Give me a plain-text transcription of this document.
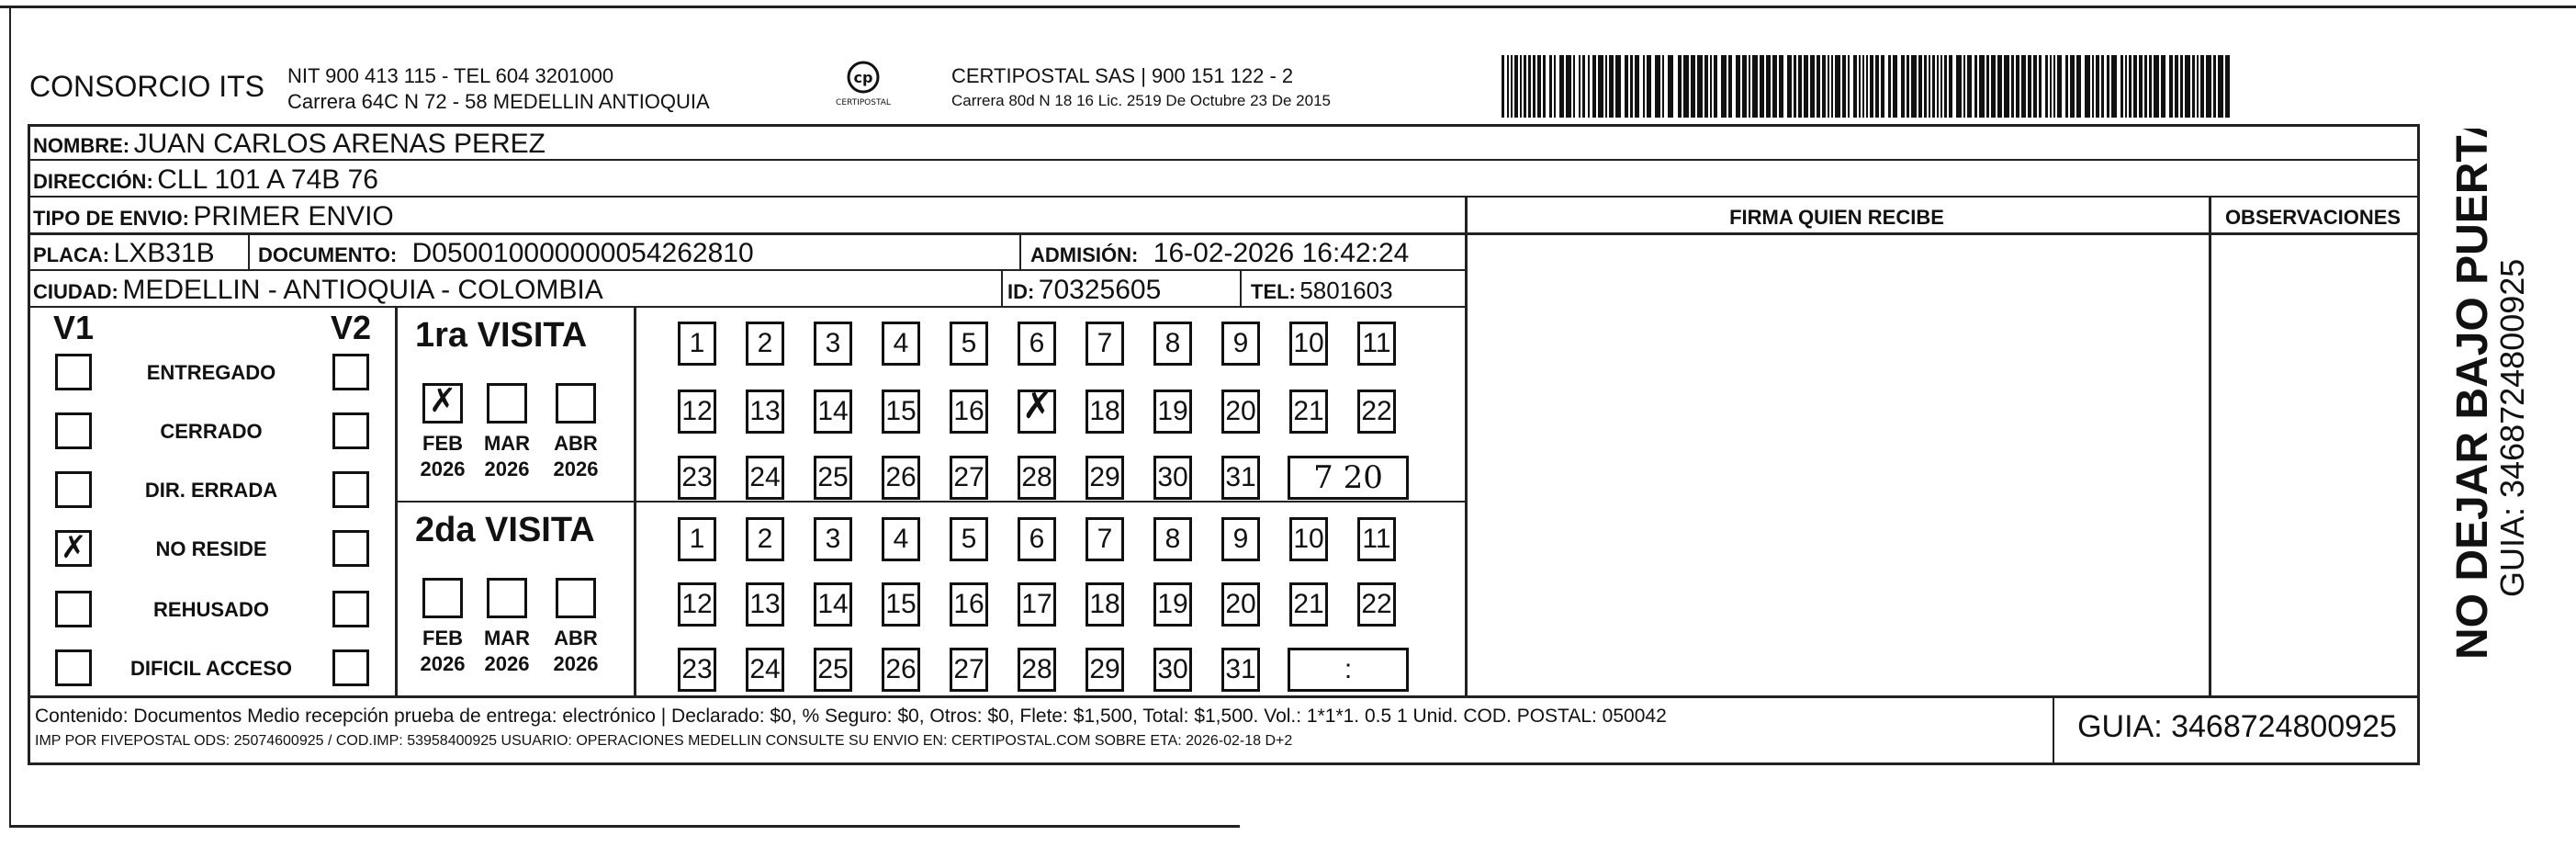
CONSORCIO ITS NIT 900 413 115 - TEL 604 3201000
Carrera 64C N 72 - 58 MEDELLIN ANTIOQUIA
cp
CERTIPOSTAL
CERTIPOSTAL SAS | 900 151 122 - 2
Carrera 80d N 18 16 Lic. 2519 De Octubre 23 De 2015
NOMBRE: JUAN CARLOS ARENAS PEREZ
DIRECCIÓN: CLL 101 A 74B 76
TIPO DE ENVIO: PRIMER ENVIO	FIRMA QUIEN RECIBE	OBSERVACIONES
PLACA: LXB31B DOCUMENTO: D050010000000054262810	ADMISIÓN: 16-02-2026 16:42:24
CIUDAD: MEDELLIN - ANTIOQUIA - COLOMBIA	ID: 70325605	TEL: 5801603
V1	V2
ENTREGADO
CERRADO
DIR. ERRADA
✗	NO RESIDE
REHUSADO
DIFICIL ACCESO
1ra VISITA
2da VISITA
✗
FEB
2026
MAR
2026
ABR
2026
FEB
2026
MAR
2026
ABR
2026
1	2	3	4	5	6	7	8	9	10 11
12 13 14 15 16 ✗ 18 19 20 21 22
23 24 25 26 27 28 29 30 31	7 20
1	2	3	4	5	6	7	8	9	10 11
12 13 14 15 16 17 18 19 20 21 22
23 24 25 26 27 28 29 30 31	:
Contenido: Documentos Medio recepción prueba de entrega: electrónico | Declarado: $0, % Seguro: $0, Otros: $0, Flete: $1,500, Total: $1,500. Vol.: 1*1*1. 0.5 1 Unid. COD. POSTAL: 050042
IMP POR FIVEPOSTAL ODS: 25074600925 / COD.IMP: 53958400925 USUARIO: OPERACIONES MEDELLIN CONSULTE SU ENVIO EN: CERTIPOSTAL.COM SOBRE ETA: 2026-02-18 D+2	GUIA: 3468724800925
NO DEJAR BAJO PUERTA
GUIA: 3468724800925
